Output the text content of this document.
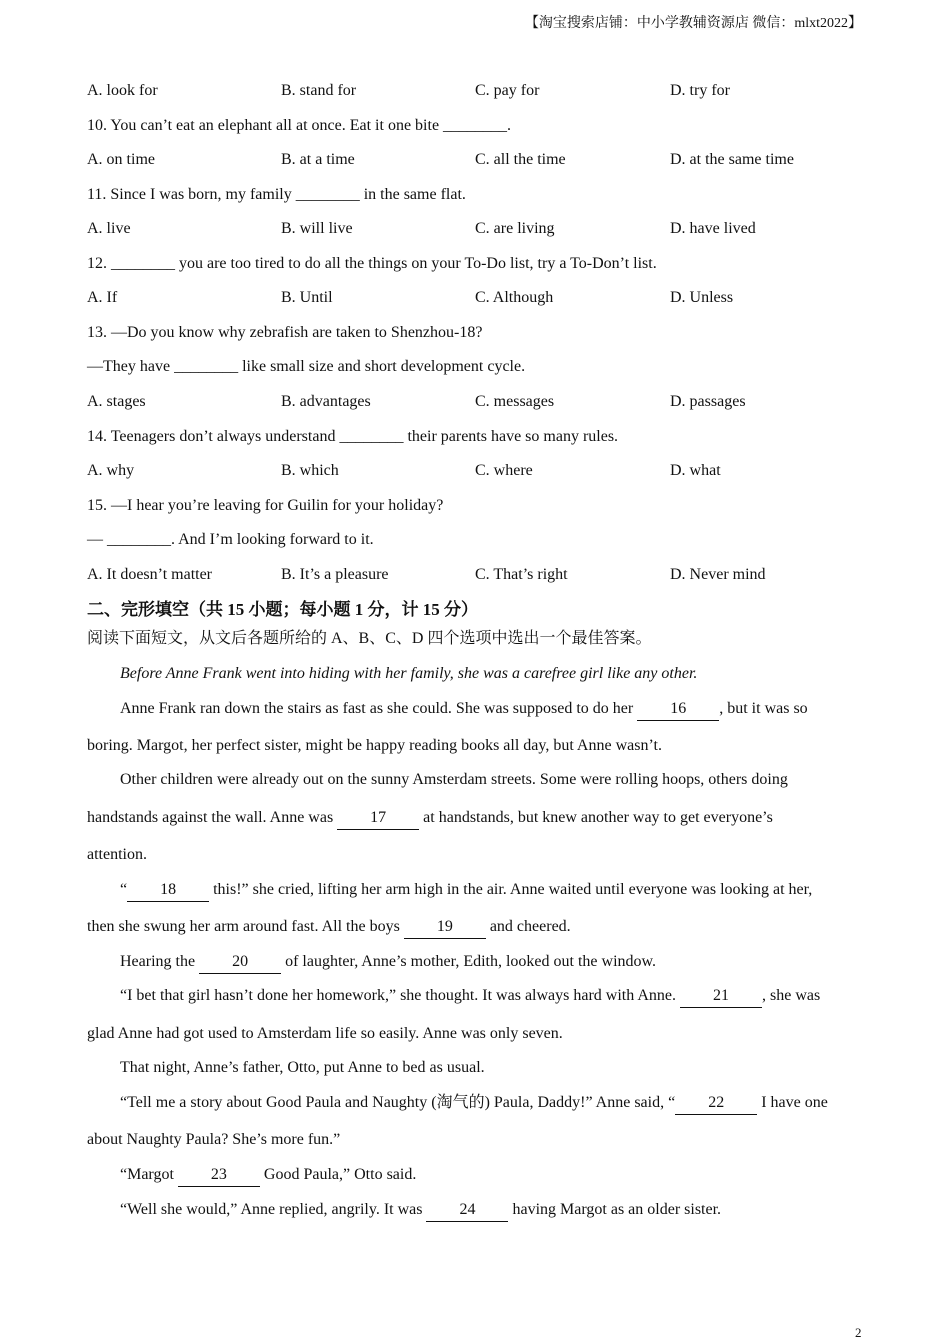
【淘宝搜索店铺：中小学教辅资源店 微信：mlxt2022】
A. look for	B. stand for	C. pay for	D. try for
10. You can’t eat an elephant all at once. Eat it one bite ________.
A. on time	B. at a time	C. all the time	D. at the same time
11. Since I was born, my family ________ in the same flat.
A. live	B. will live	C. are living	D. have lived
12. ________ you are too tired to do all the things on your To-Do list, try a To-Don’t list.
A. If	B. Until	C. Although	D. Unless
13. —Do you know why zebrafish are taken to Shenzhou-18?
—They have ________ like small size and short development cycle.
A. stages	B. advantages	C. messages	D. passages
14. Teenagers don’t always understand ________ their parents have so many rules.
A. why	B. which	C. where	D. what
15. —I hear you’re leaving for Guilin for your holiday?
— ________. And I’m looking forward to it.
A. It doesn’t matter	B. It’s a pleasure	C. That’s right	D. Never mind
二、完形填空（共 15 小题；每小题 1 分，计 15 分）
阅读下面短文，从文后各题所给的 A、B、C、D 四个选项中选出一个最佳答案。
Before Anne Frank went into hiding with her family, she was a carefree girl like any other.
Anne Frank ran down the stairs as fast as she could. She was supposed to do her 16 , but it was so
boring. Margot, her perfect sister, might be happy reading books all day, but Anne wasn’t.
Other children were already out on the sunny Amsterdam streets. Some were rolling hoops, others doing
handstands against the wall. Anne was 17 at handstands, but knew another way to get everyone’s
attention.
“ 18 this!” she cried, lifting her arm high in the air. Anne waited until everyone was looking at her,
then she swung her arm around fast. All the boys 19 and cheered.
Hearing the 20 of laughter, Anne’s mother, Edith, looked out the window.
“I bet that girl hasn’t done her homework,” she thought. It was always hard with Anne. 21 , she was
glad Anne had got used to Amsterdam life so easily. Anne was only seven.
That night, Anne’s father, Otto, put Anne to bed as usual.
“Tell me a story about Good Paula and Naughty (淘气的) Paula, Daddy!” Anne said, “ 22 I have one
about Naughty Paula? She’s more fun.”
“Margot 23 Good Paula,” Otto said.
“Well she would,” Anne replied, angrily. It was 24 having Margot as an older sister.
2
